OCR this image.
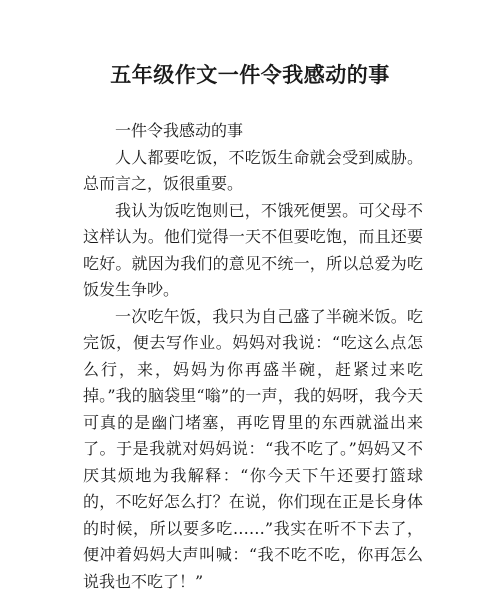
五年级作文一件令我感动的事

一件令我感动的事

人人都要吃饭，不吃饭生命就会受到威胁。总而言之，饭很重要。

我认为饭吃饱则已，不饿死便罢。可父母不这样认为。他们觉得一天不但要吃饱，而且还要吃好。就因为我们的意见不统一，所以总爱为吃饭发生争吵。

一次吃午饭，我只为自己盛了半碗米饭。吃完饭，便去写作业。妈妈对我说：“吃这么点怎么行，来，妈妈为你再盛半碗，赶紧过来吃掉。”我的脑袋里“嗡”的一声，我的妈呀，我今天可真的是幽门堵塞，再吃胃里的东西就溢出来了。于是我就对妈妈说：“我不吃了。”妈妈又不厌其烦地为我解释：“你今天下午还要打篮球的，不吃好怎么打？在说，你们现在正是长身体的时候，所以要多吃……”我实在听不下去了，便冲着妈妈大声叫喊：“我不吃不吃，你再怎么说我也不吃了！”
